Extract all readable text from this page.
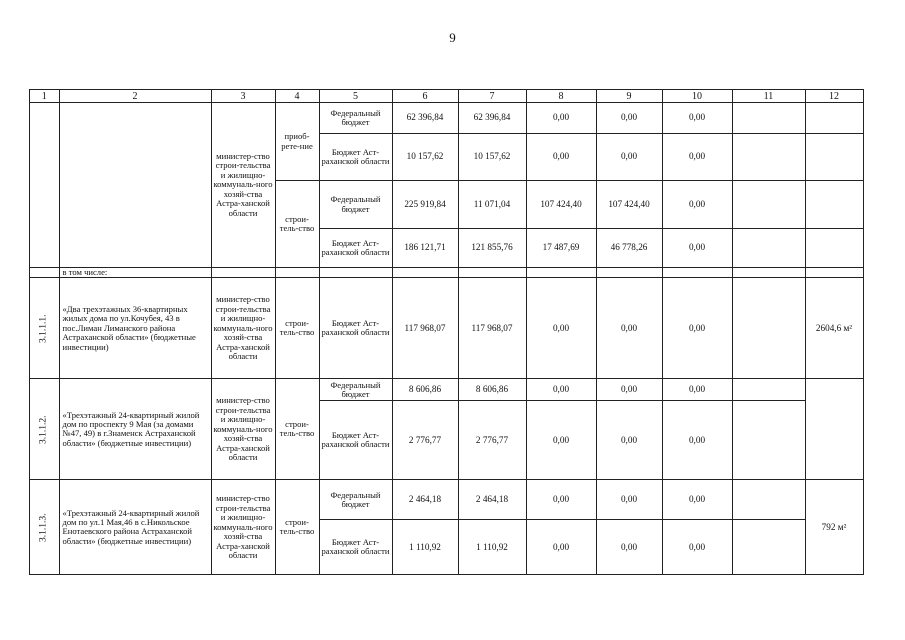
9
1	2	3	4	5	6	7	8	9	10	11	12
		министер-ство строи-тельства и жилищно-коммуналь-ного хозяй-ства Астра-ханской области	приоб-рете-ние	Федеральный бюджет	62 396,84	62 396,84	0,00	0,00	0,00		
				Бюджет Аст-раханской области	10 157,62	10 157,62	0,00	0,00	0,00		
			строи-тель-ство	Федеральный бюджет	225 919,84	11 071,04	107 424,40	107 424,40	0,00		
				Бюджет Аст-раханской области	186 121,71	121 855,76	17 487,69	46 778,26	0,00		
	в том числе:										
3.1.1.1.	«Два трехэтажных 36-квартирных жилых дома по ул.Кочубея, 43 в пос.Лиман Лиманского района Астраханской области» (бюджетные инвестиции)	министер-ство строи-тельства и жилищно-коммуналь-ного хозяй-ства Астра-ханской области	строи-тель-ство	Бюджет Аст-раханской области	117 968,07	117 968,07	0,00	0,00	0,00		2604,6 м²
3.1.1.2.	«Трехэтажный 24-квартирный жилой дом по проспекту 9 Мая (за домами №47, 49) в г.Знаменск Астраханской области» (бюджетные инвестиции)	министер-ство строи-тельства и жилищно-коммуналь-ного хозяй-ства Астра-ханской области	строи-тель-ство	Федеральный бюджет	8 606,86	8 606,86	0,00	0,00	0,00		
				Бюджет Аст-раханской области	2 776,77	2 776,77	0,00	0,00	0,00		
3.1.1.3.	«Трехэтажный 24-квартирный жилой дом по ул.1 Мая,46 в с.Никольское Енотаевского района Астраханской области» (бюджетные инвестиции)	министер-ство строи-тельства и жилищно-коммуналь-ного хозяй-ства Астра-ханской области	строи-тель-ство	Федеральный бюджет	2 464,18	2 464,18	0,00	0,00	0,00		792 м²
				Бюджет Аст-раханской области	1 110,92	1 110,92	0,00	0,00	0,00		
